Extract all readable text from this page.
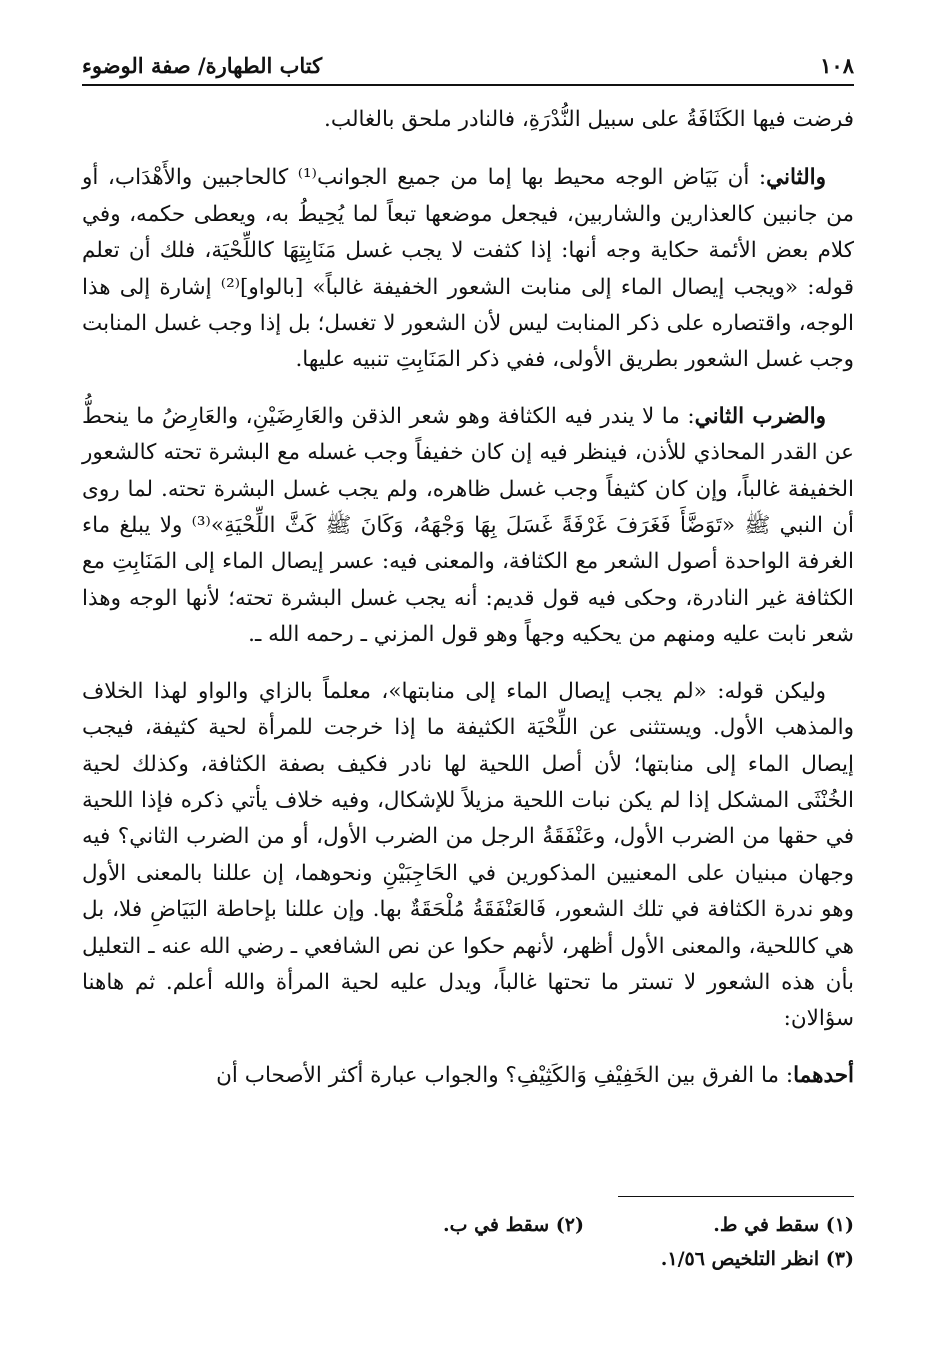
١٠٨
كتاب الطهارة/ صفة الوضوء

فرضت فيها الكَثَافَةُ على سبيل النُّدْرَةِ، فالنادر ملحق بالغالب.

والثاني: أن بَيَاض الوجه محيط بها إما من جميع الجوانب⁽¹⁾ كالحاجبين والأَهْدَاب، أو من جانبين كالعذارين والشاربين، فيجعل موضعها تبعاً لما يُحِيطُ به، ويعطى حكمه، وفي كلام بعض الأئمة حكاية وجه أنها: إذا كثفت لا يجب غسل مَنَابِتِهَا كاللِّحْيَة، فلك أن تعلم قوله: «ويجب إيصال الماء إلى منابت الشعور الخفيفة غالباً» [بالواو]⁽²⁾ إشارة إلى هذا الوجه، واقتصاره على ذكر المنابت ليس لأن الشعور لا تغسل؛ بل إذا وجب غسل المنابت وجب غسل الشعور بطريق الأولى، ففي ذكر المَنَابِتِ تنبيه عليها.

والضرب الثاني: ما لا يندر فيه الكثافة وهو شعر الذقن والعَارِضَيْنِ، والعَارِضُ ما ينحطُّ عن القدر المحاذي للأذن، فينظر فيه إن كان خفيفاً وجب غسله مع البشرة تحته كالشعور الخفيفة غالباً، وإن كان كثيفاً وجب غسل ظاهره، ولم يجب غسل البشرة تحته. لما روى أن النبي ﷺ «تَوَضَّأَ فَغَرَفَ غَرْفَةً غَسَلَ بِهَا وَجْهَهُ، وَكَانَ ﷺ كَثَّ اللِّحْيَةِ»⁽³⁾ ولا يبلغ ماء الغرفة الواحدة أصول الشعر مع الكثافة، والمعنى فيه: عسر إيصال الماء إلى المَنَابِتِ مع الكثافة غير النادرة، وحكى فيه قول قديم: أنه يجب غسل البشرة تحته؛ لأنها الوجه وهذا شعر نابت عليه ومنهم من يحكيه وجهاً وهو قول المزني ـ رحمه الله ـ.

وليكن قوله: «لم يجب إيصال الماء إلى منابتها»، معلماً بالزاي والواو لهذا الخلاف والمذهب الأول. ويستثنى عن اللِّحْيَة الكثيفة ما إذا خرجت للمرأة لحية كثيفة، فيجب إيصال الماء إلى منابتها؛ لأن أصل اللحية لها نادر فكيف بصفة الكثافة، وكذلك لحية الخُنْثَى المشكل إذا لم يكن نبات اللحية مزيلاً للإشكال، وفيه خلاف يأتي ذكره فإذا اللحية في حقها من الضرب الأول، وعَنْفَقَةُ الرجل من الضرب الأول، أو من الضرب الثاني؟ فيه وجهان مبنيان على المعنيين المذكورين في الحَاجِبَيْنِ ونحوهما، إن عللنا بالمعنى الأول وهو ندرة الكثافة في تلك الشعور، فَالعَنْفَقَةُ مُلْحَقَةٌ بها. وإن عللنا بإحاطة البَيَاضِ فلا، بل هي كاللحية، والمعنى الأول أظهر، لأنهم حكوا عن نص الشافعي ـ رضي الله عنه ـ التعليل بأن هذه الشعور لا تستر ما تحتها غالباً، ويدل عليه لحية المرأة والله أعلم. ثم هاهنا سؤالان:

أحدهما: ما الفرق بين الخَفِيْفِ وَالكَثِيْفِ؟ والجواب عبارة أكثر الأصحاب أن

(١) سقط في ط.
(٢) سقط في ب.
(٣) انظر التلخيص ١/٥٦.
